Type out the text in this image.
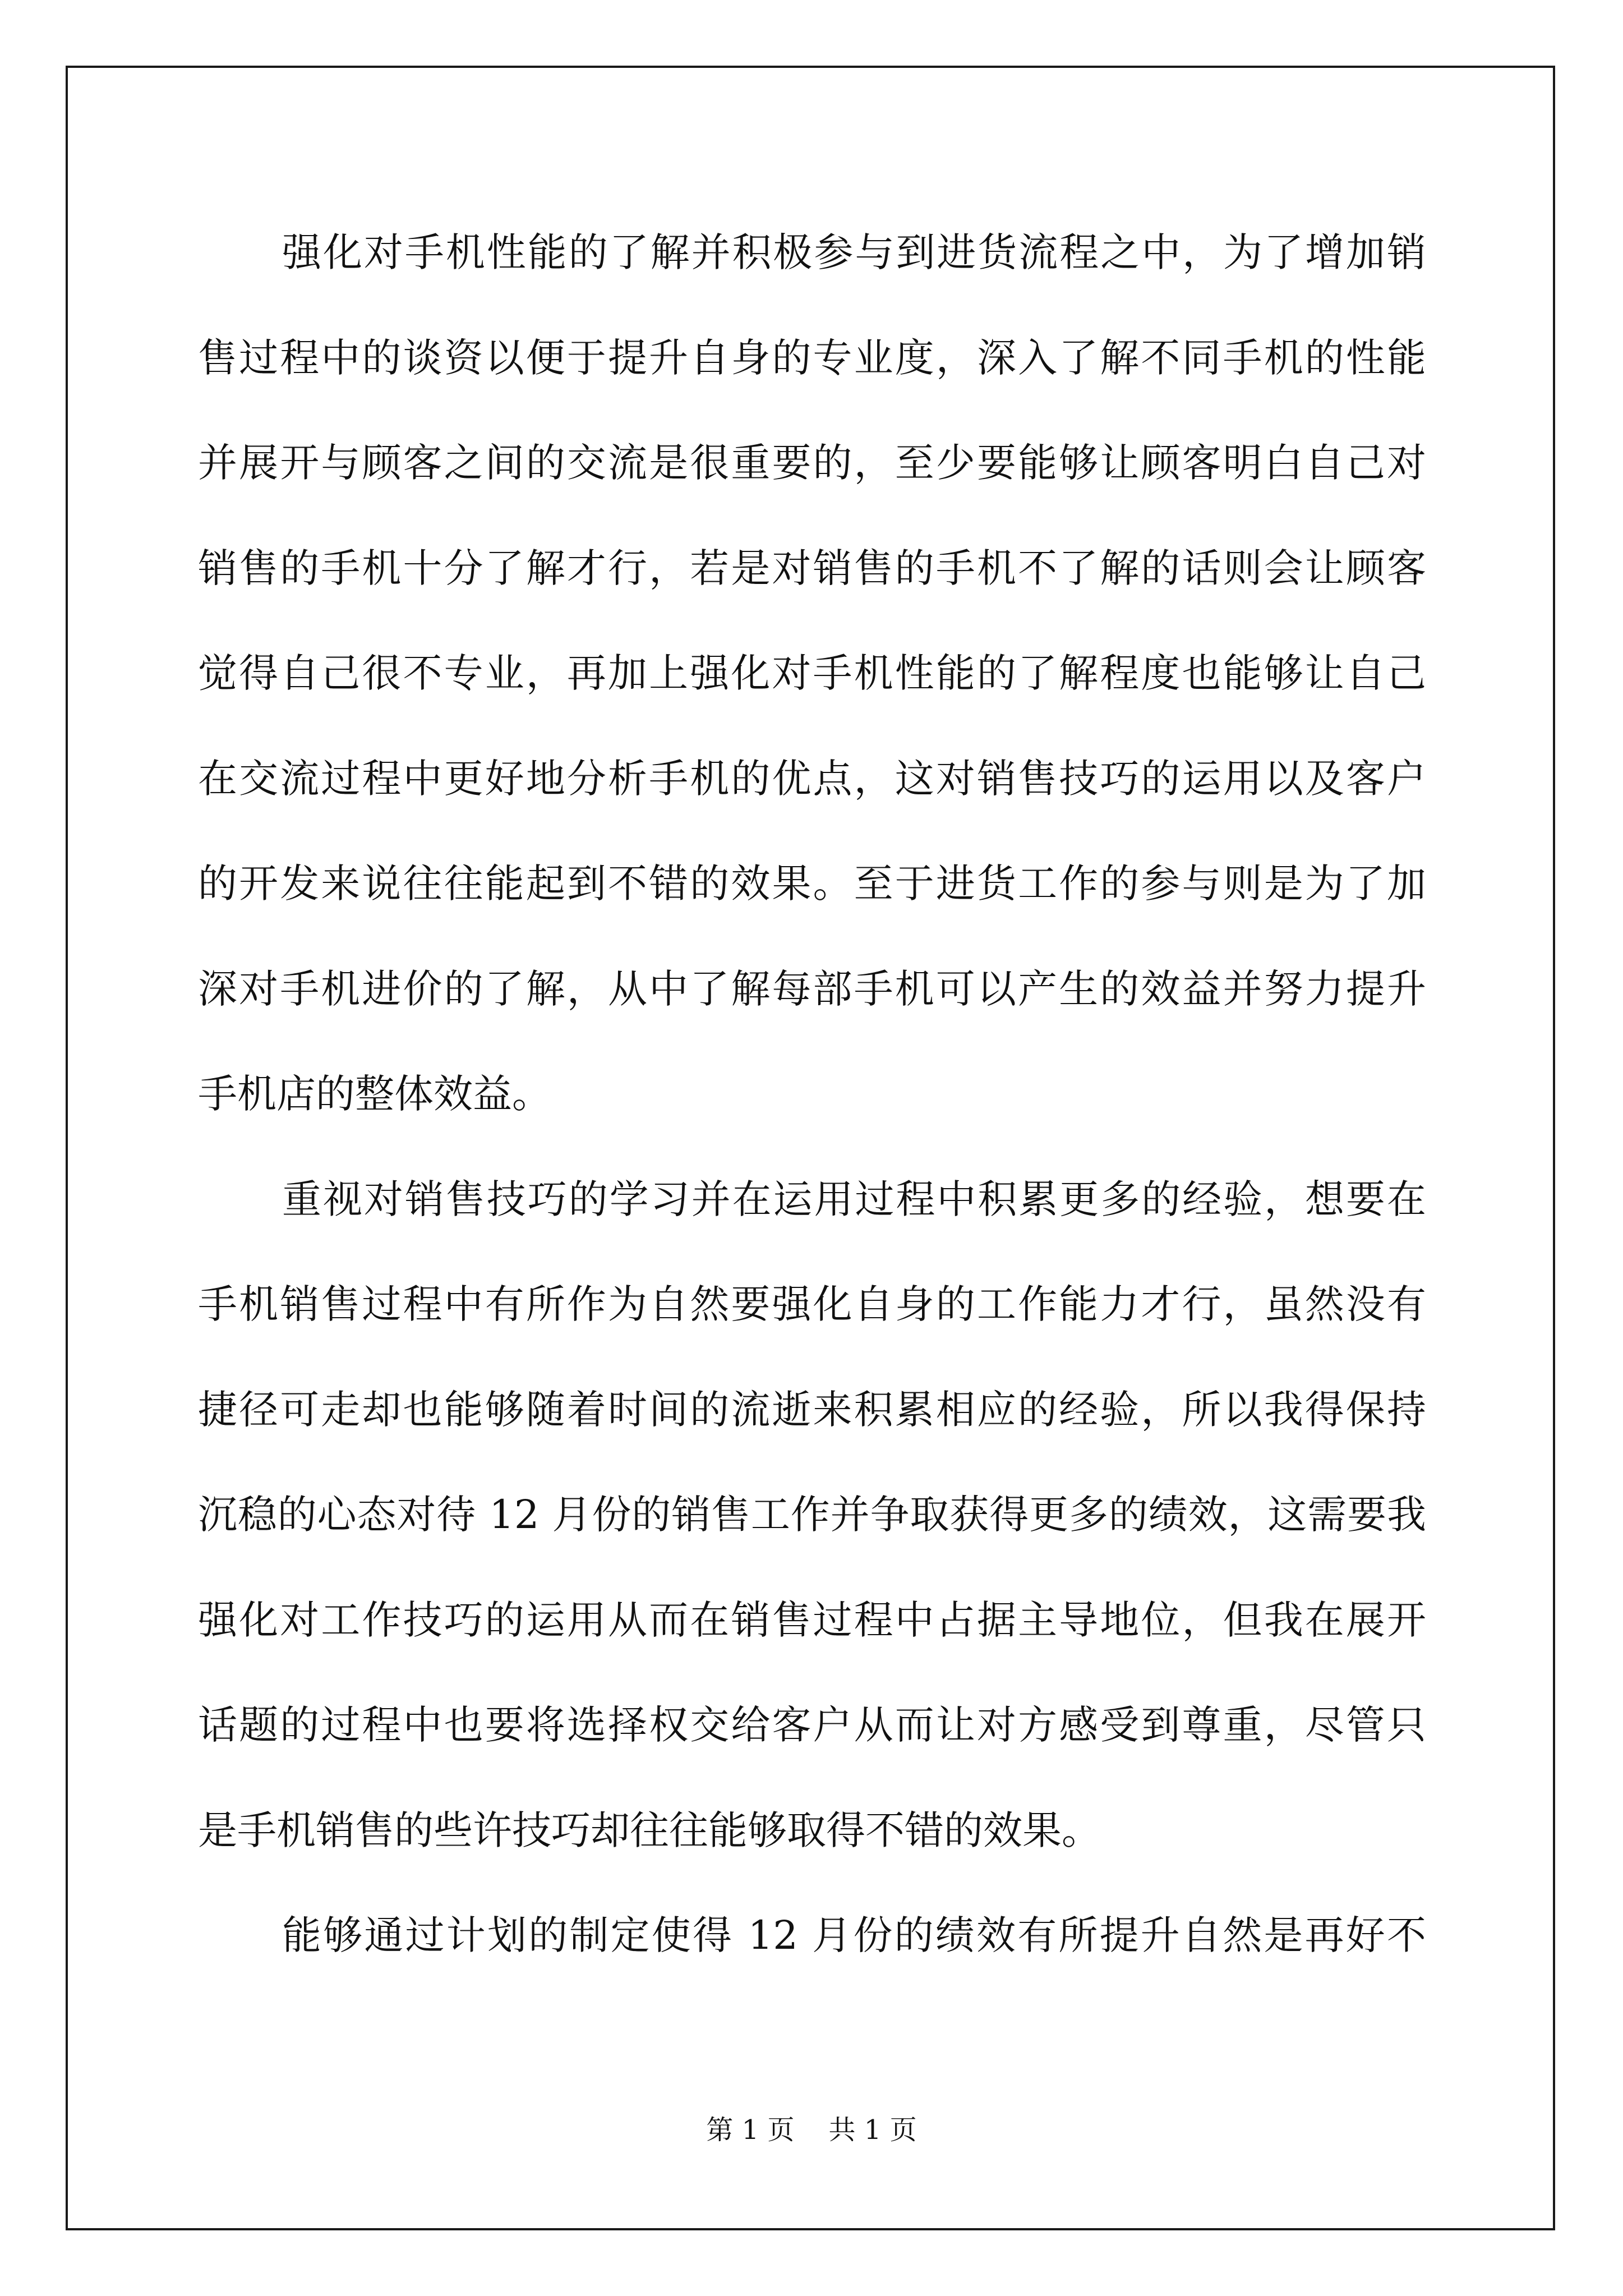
强化对手机性能的了解并积极参与到进货流程之中，为了增加销
售过程中的谈资以便于提升自身的专业度，深入了解不同手机的性能
并展开与顾客之间的交流是很重要的，至少要能够让顾客明白自己对
销售的手机十分了解才行，若是对销售的手机不了解的话则会让顾客
觉得自己很不专业，再加上强化对手机性能的了解程度也能够让自己
在交流过程中更好地分析手机的优点，这对销售技巧的运用以及客户
的开发来说往往能起到不错的效果。至于进货工作的参与则是为了加
深对手机进价的了解，从中了解每部手机可以产生的效益并努力提升
手机店的整体效益。
重视对销售技巧的学习并在运用过程中积累更多的经验，想要在
手机销售过程中有所作为自然要强化自身的工作能力才行，虽然没有
捷径可走却也能够随着时间的流逝来积累相应的经验，所以我得保持
沉稳的心态对待 12 月份的销售工作并争取获得更多的绩效，这需要我
强化对工作技巧的运用从而在销售过程中占据主导地位，但我在展开
话题的过程中也要将选择权交给客户从而让对方感受到尊重，尽管只
是手机销售的些许技巧却往往能够取得不错的效果。
能够通过计划的制定使得 12 月份的绩效有所提升自然是再好不
第 1 页    共 1 页
